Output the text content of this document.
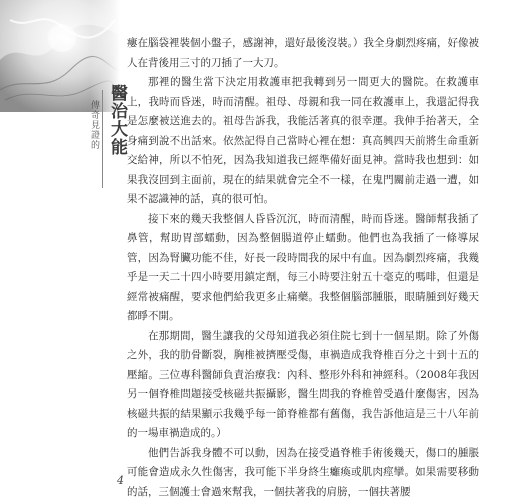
醫治大能
傳奇見證的

瘻在腦袋裡裝個小盤子，感謝神，還好最後沒裝。）我全身劇烈疼痛，好像被人在背後用三寸的刀插了一大刀。

那裡的醫生當下決定用救護車把我轉到另一間更大的醫院。在救護車上，我時而昏迷，時而清醒。祖母、母親和我一同在救護車上，我還記得我是怎麼被送進去的。祖母告訴我，我能活著真的很幸運。我伸手抬著天，全身痛到說不出話來。依然記得自己當時心裡在想：真高興四天前將生命重新交給神，所以不怕死，因為我知道我已經準備好面見神。當時我也想到：如果我沒回到主面前，現在的結果就會完全不一樣，在鬼門關前走過一遭，如果不認識神的話，真的很可怕。

接下來的幾天我整個人昏昏沉沉，時而清醒，時而昏迷。醫師幫我插了鼻管，幫助胃部蠕動，因為整個腸道停止蠕動。他們也為我插了一條導尿管，因為腎臟功能不佳，好長一段時間我的尿中有血。因為劇烈疼痛，我幾乎是一天二十四小時要用鎮定劑，每三小時要注射五十毫克的嗎啡，但還是經常被痛醒，要求他們給我更多止痛藥。我整個腦部腫脹，眼睛腫到好幾天都睜不開。

在那期間，醫生讓我的父母知道我必須住院七到十一個星期。除了外傷之外，我的肋骨斷裂，胸椎被擠壓受傷，車禍造成我脊椎百分之十到十五的壓縮。三位專科醫師負責治療我：內科、整形外科和神經科。（2008年我因另一個脊椎問題接受核磁共振攝影，醫生問我的脊椎曾受過什麼傷害，因為核磁共振的結果顯示我幾乎每一節脊椎都有舊傷，我告訴他這是三十八年前的一場車禍造成的。）

他們告訴我身體不可以動，因為在接受過脊椎手術後幾天，傷口的腫脹可能會造成永久性傷害，我可能下半身終生癱瘓或肌肉痙攣。如果需要移動的話，三個護士會過來幫我，一個扶著我的肩膀，一個扶著腰

4
